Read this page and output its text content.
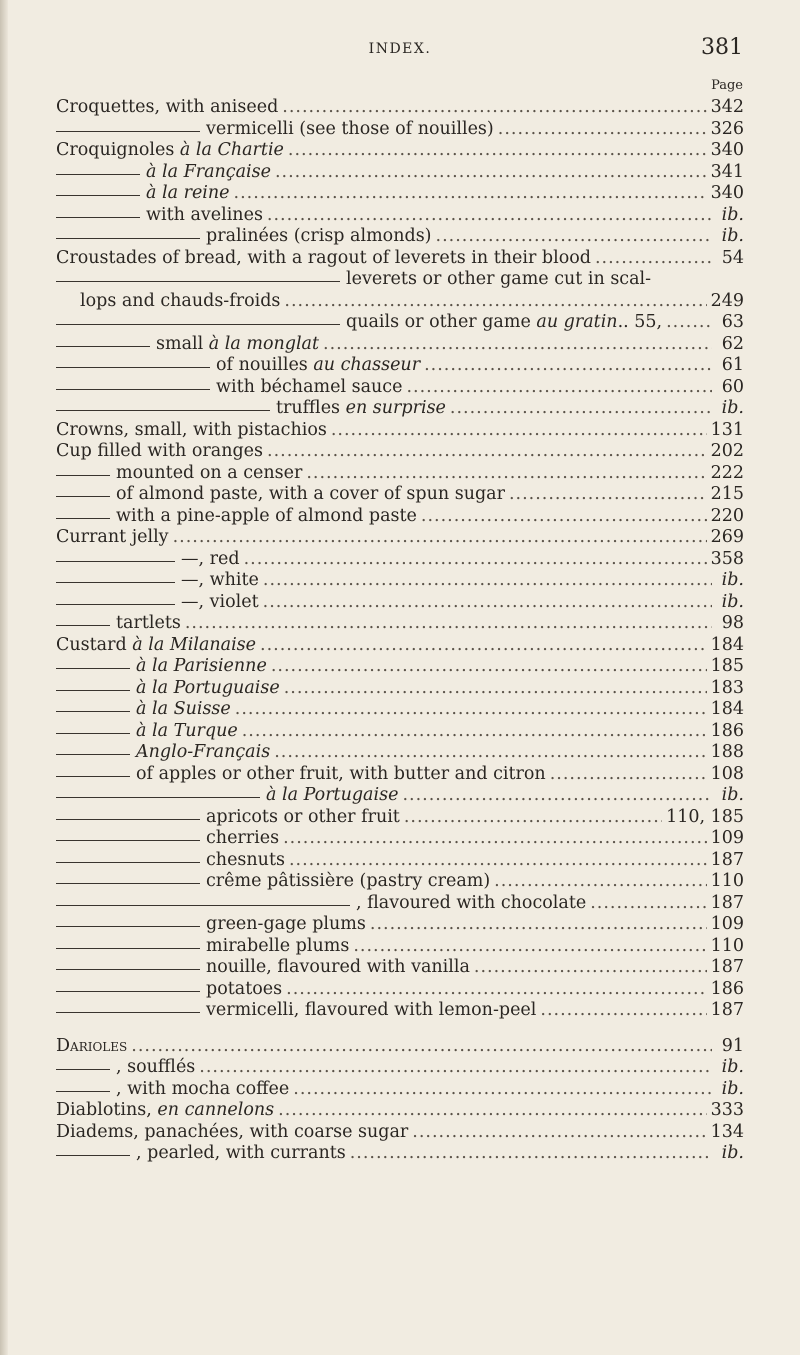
INDEX.	381
Page
Croquettes, with aniseed .....	342
vermicelli (see those of nouilles) .....	326
Croquignoles à la Chartie .....	340
à la Française .....	341
à la reine .....	340
with avelines .....	ib.
pralinées (crisp almonds) .....	ib.
Croustades of bread, with a ragout of leverets in their blood .....	54
leverets or other game cut in scal-
lops and chauds-froids .....	249
quails or other game au gratin.. 55, .....	63
small à la monglat .....	62
of nouilles au chasseur .....	61
with béchamel sauce .....	60
truffles en surprise .....	ib.
Crowns, small, with pistachios .....	131
Cup filled with oranges .....	202
mounted on a censer .....	222
of almond paste, with a cover of spun sugar .....	215
with a pine-apple of almond paste .....	220
Currant jelly .....	269
—, red .....	358
—, white .....	ib.
—, violet .....	ib.
tartlets .....	98
Custard à la Milanaise .....	184
à la Parisienne .....	185
à la Portuguaise .....	183
à la Suisse .....	184
à la Turque .....	186
Anglo-Français .....	188
of apples or other fruit, with butter and citron .....	108
à la Portugaise .....	ib.
apricots or other fruit .....	110, 185
cherries .....	109
chesnuts .....	187
crême pâtissière (pastry cream) .....	110
, flavoured with chocolate .....	187
green-gage plums .....	109
mirabelle plums .....	110
nouille, flavoured with vanilla .....	187
potatoes .....	186
vermicelli, flavoured with lemon-peel .....	187
Darioles .....	91
, soufflés .....	ib.
, with mocha coffee .....	ib.
Diablotins, en cannelons .....	333
Diadems, panachées, with coarse sugar .....	134
, pearled, with currants .....	ib.
